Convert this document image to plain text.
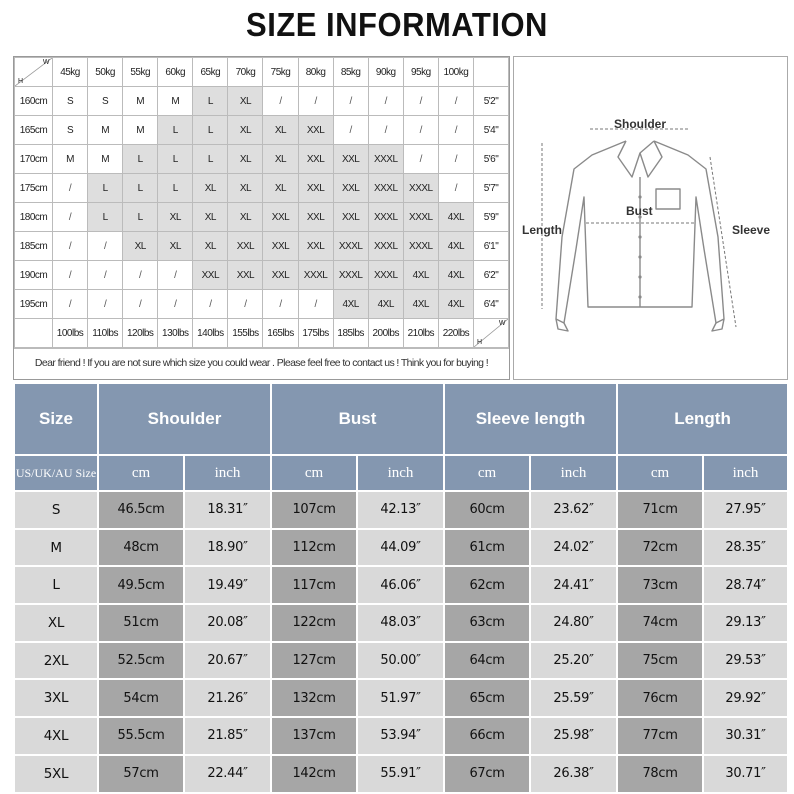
SIZE INFORMATION
W
H	45kg	50kg	55kg	60kg	65kg	70kg	75kg	80kg	85kg	90kg	95kg	100kg	
160cm	S	S	M	M	L	XL	/	/	/	/	/	/	5'2"
165cm	S	M	M	L	L	XL	XL	XXL	/	/	/	/	5'4"
170cm	M	M	L	L	L	XL	XL	XXL	XXL	XXXL	/	/	5'6"
175cm	/	L	L	L	XL	XL	XL	XXL	XXL	XXXL	XXXL	/	5'7"
180cm	/	L	L	XL	XL	XL	XXL	XXL	XXL	XXXL	XXXL	4XL	5'9"
185cm	/	/	XL	XL	XL	XXL	XXL	XXL	XXXL	XXXL	XXXL	4XL	6'1"
190cm	/	/	/	/	XXL	XXL	XXL	XXXL	XXXL	XXXL	4XL	4XL	6'2"
195cm	/	/	/	/	/	/	/	/	4XL	4XL	4XL	4XL	6'4"
	100lbs	110lbs	120lbs	130lbs	140lbs	155lbs	165lbs	175lbs	185lbs	200lbs	210lbs	220lbs	W
H
Dear friend ! If you are not sure which size you could wear . Please feel free to contact us ! Think you for buying !
Shoulder
Bust
Length	Sleeve
Size	Shoulder		Bust		Sleeve length		Length	
US/UK/AU Size	cm	inch	cm	inch	cm	inch	cm	inch
S	46.5cm	18.31″	107cm	42.13″	60cm	23.62″	71cm	27.95″
M	48cm	18.90″	112cm	44.09″	61cm	24.02″	72cm	28.35″
L	49.5cm	19.49″	117cm	46.06″	62cm	24.41″	73cm	28.74″
XL	51cm	20.08″	122cm	48.03″	63cm	24.80″	74cm	29.13″
2XL	52.5cm	20.67″	127cm	50.00″	64cm	25.20″	75cm	29.53″
3XL	54cm	21.26″	132cm	51.97″	65cm	25.59″	76cm	29.92″
4XL	55.5cm	21.85″	137cm	53.94″	66cm	25.98″	77cm	30.31″
5XL	57cm	22.44″	142cm	55.91″	67cm	26.38″	78cm	30.71″
